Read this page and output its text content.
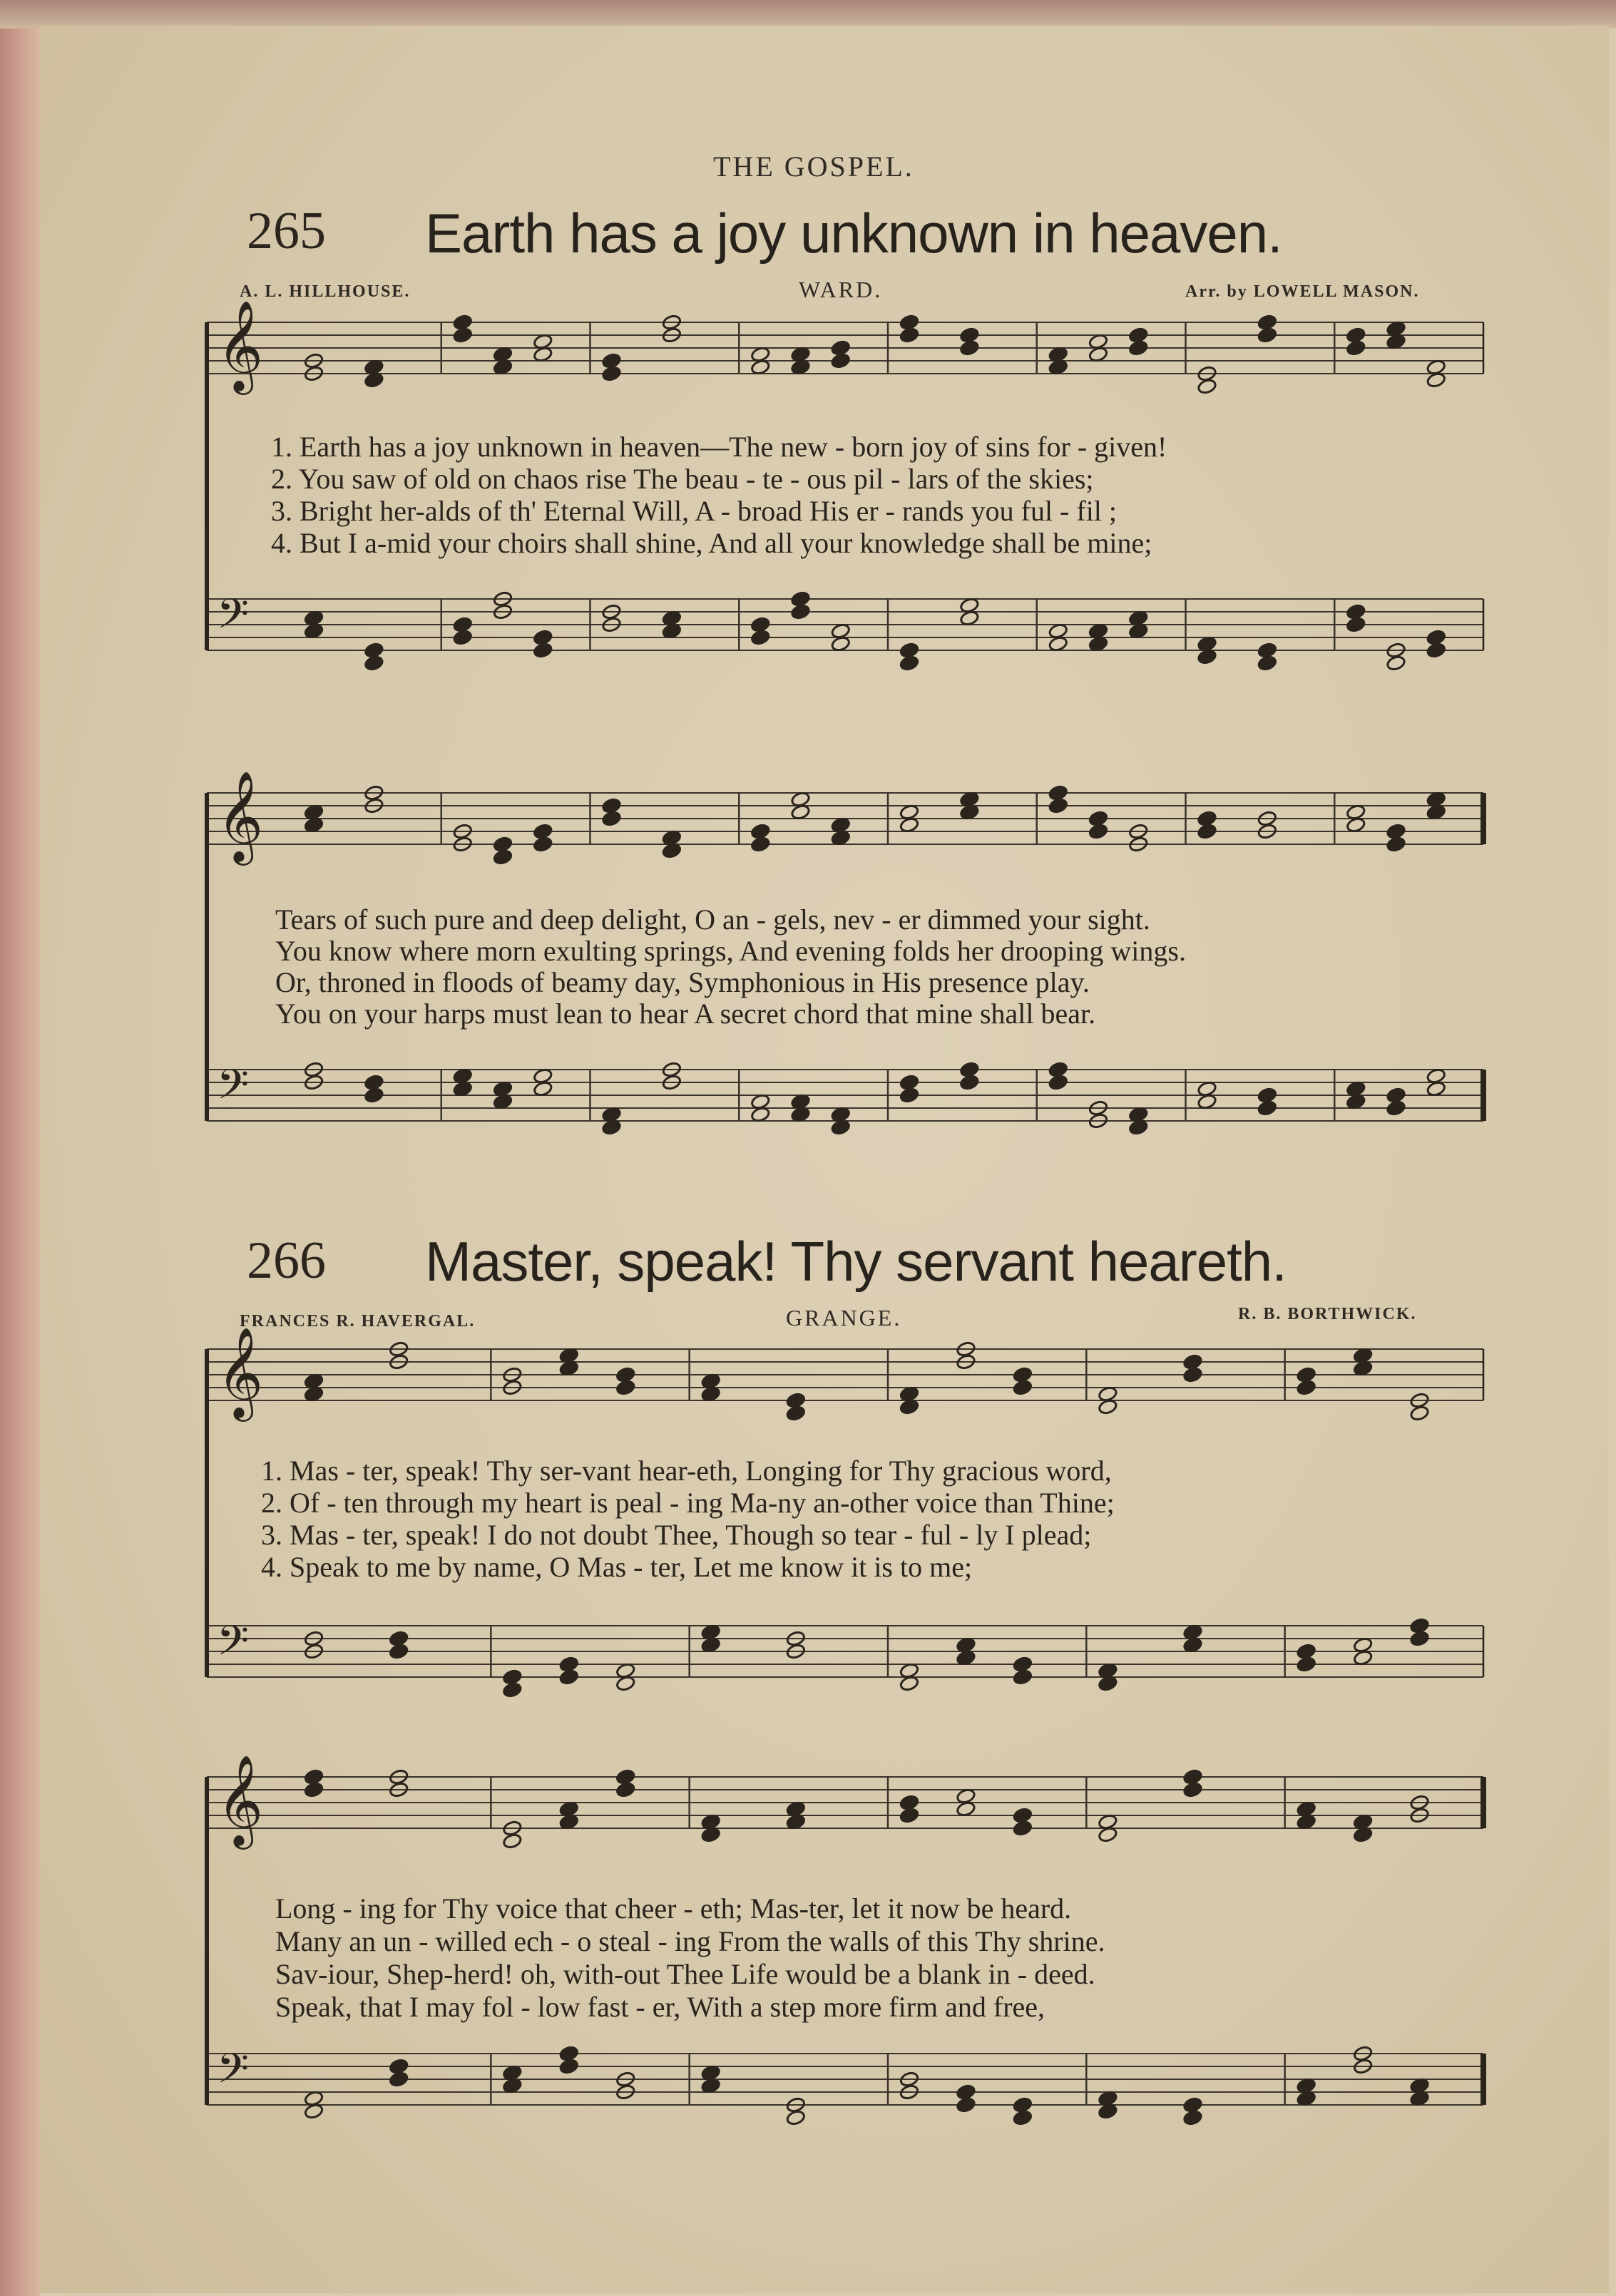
THE GOSPEL.
265 Earth has a joy unknown in heaven.
A. L. HILLHOUSE.	WARD.	Arr. by LOWELL MASON.
𝄞
𝄢
1. Earth has a joy unknown in heaven—The new - born joy of sins for - given!
2. You saw of old on chaos rise The beau - te - ous pil - lars of the skies;
3. Bright her-alds of th' Eternal Will, A - broad His er - rands you ful - fil ;
4. But I a-mid your choirs shall shine, And all your knowledge shall be mine;
𝄞
𝄢
Tears of such pure and deep delight, O an - gels, nev - er dimmed your sight.
You know where morn exulting springs, And evening folds her drooping wings.
Or, throned in floods of beamy day, Symphonious in His presence play.
You on your harps must lean to hear A secret chord that mine shall bear.
266 Master, speak! Thy servant heareth.
FRANCES R. HAVERGAL.	GRANGE.	R. B. BORTHWICK.
𝄞
𝄢
1. Mas - ter, speak! Thy ser-vant hear-eth, Longing for Thy gracious word,
2. Of - ten through my heart is peal - ing Ma-ny an-other voice than Thine;
3. Mas - ter, speak! I do not doubt Thee, Though so tear - ful - ly I plead;
4. Speak to me by name, O Mas - ter, Let me know it is to me;
𝄞
𝄢
Long - ing for Thy voice that cheer - eth; Mas-ter, let it now be heard.
Many an un - willed ech - o steal - ing From the walls of this Thy shrine.
Sav-iour, Shep-herd! oh, with-out Thee Life would be a blank in - deed.
Speak, that I may fol - low fast - er, With a step more firm and free,
